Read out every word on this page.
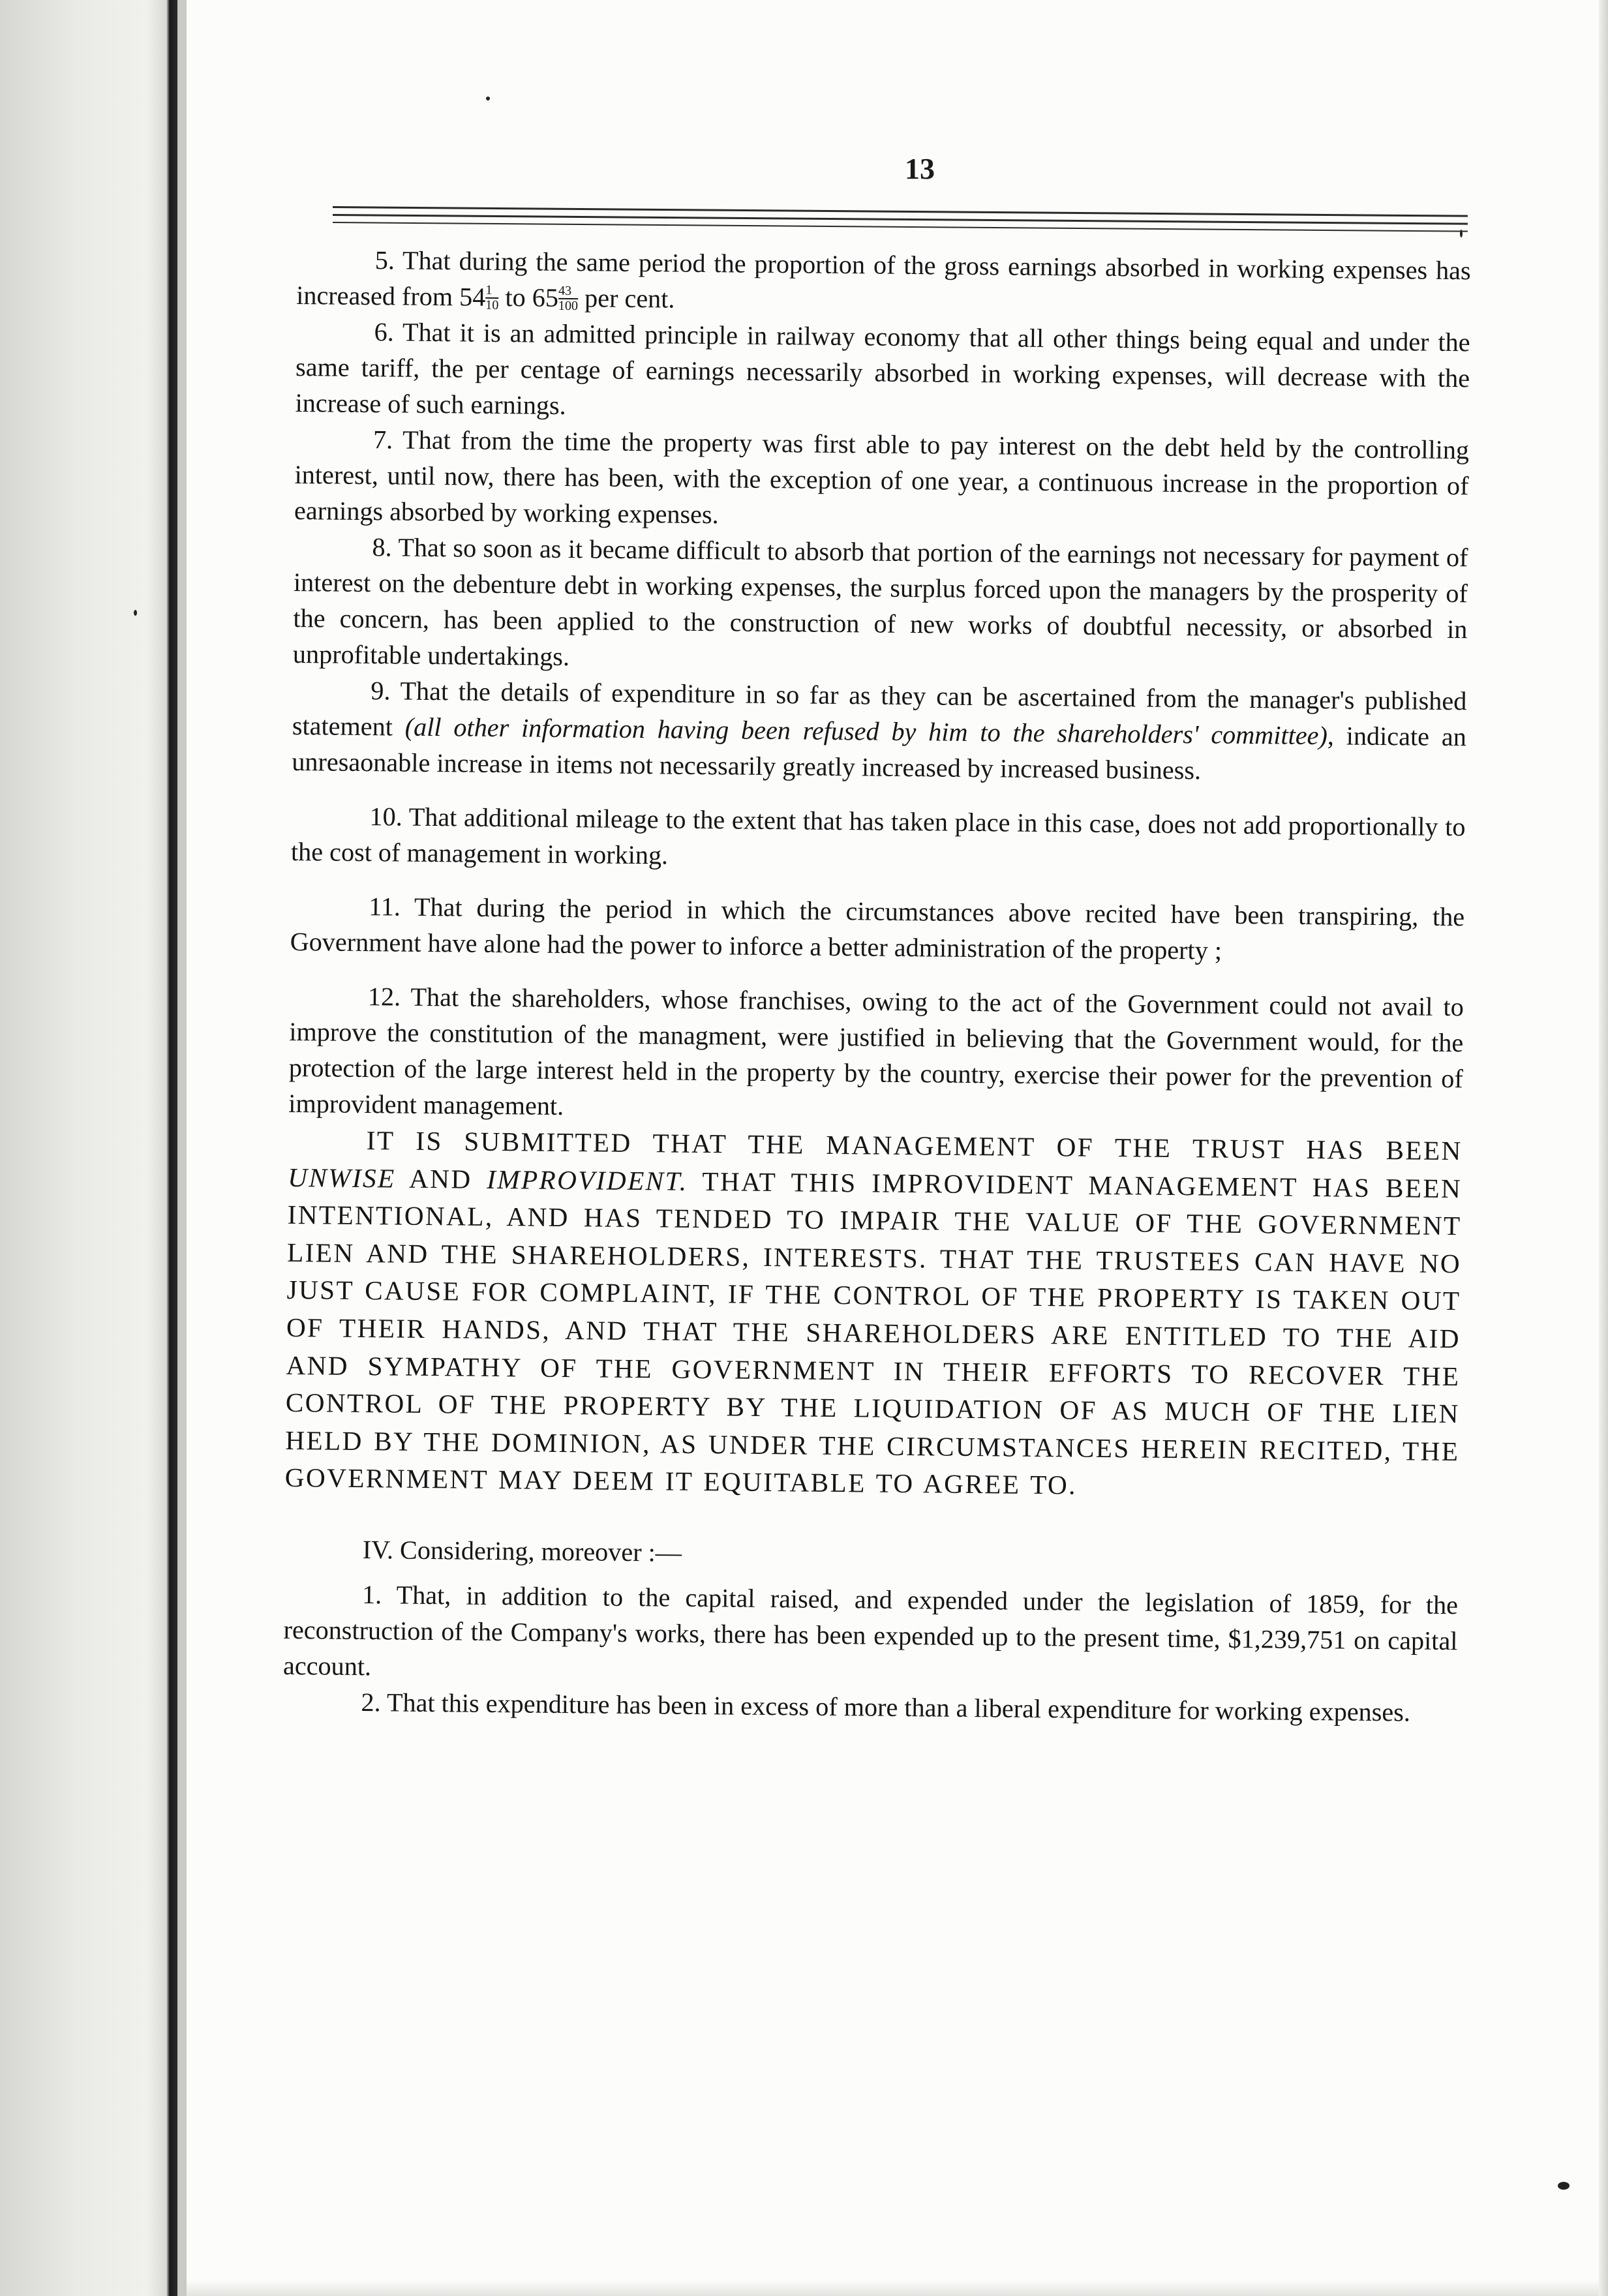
13

5. That during the same period the proportion of the gross earnings absorbed in working expenses has increased from $54 \frac{1}{10}$ to $65 \frac{43}{100}$ per cent.

6. That it is an admitted principle in railway economy that all other things being equal and under the same tariff, the per centage of earnings necessarily absorbed in working expenses, will decrease with the increase of such earnings.

7. That from the time the property was first able to pay interest on the debt held by the controlling interest, until now, there has been, with the exception of one year, a continuous increase in the proportion of earnings absorbed by working expenses.

8. That so soon as it became difficult to absorb that portion of the earnings not necessary for payment of interest on the debenture debt in working expenses, the surplus forced upon the managers by the prosperity of the concern, has been applied to the construction of new works of doubtful necessity, or absorbed in unprofitable undertakings.

9. That the details of expenditure in so far as they can be ascertained from the manager's published statement (all other information having been refused by him to the shareholders' committee), indicate an unresaonable increase in items not necessarily greatly increased by increased business.

10. That additional mileage to the extent that has taken place in this case, does not add proportionally to the cost of management in working.

11. That during the period in which the circumstances above recited have been transpiring, the Government have alone had the power to inforce a better administration of the property ;

12. That the shareholders, whose franchises, owing to the act of the Government could not avail to improve the constitution of the managment, were justified in believing that the Government would, for the protection of the large interest held in the property by the country, exercise their power for the prevention of improvident management.

IT IS SUBMITTED THAT THE MANAGEMENT OF THE TRUST HAS BEEN UNWISE AND IMPROVIDENT. THAT THIS IMPROVIDENT MANAGEMENT HAS BEEN INTENTIONAL, AND HAS TENDED TO IMPAIR THE VALUE OF THE GOVERNMENT LIEN AND THE SHAREHOLDERS, INTERESTS. THAT THE TRUSTEES CAN HAVE NO JUST CAUSE FOR COMPLAINT, IF THE CONTROL OF THE PROPERTY IS TAKEN OUT OF THEIR HANDS, AND THAT THE SHAREHOLDERS ARE ENTITLED TO THE AID AND SYMPATHY OF THE GOVERNMENT IN THEIR EFFORTS TO RECOVER THE CONTROL OF THE PROPERTY BY THE LIQUIDATION OF AS MUCH OF THE LIEN HELD BY THE DOMINION, AS UNDER THE CIRCUMSTANCES HEREIN RECITED, THE GOVERNMENT MAY DEEM IT EQUITABLE TO AGREE TO.

IV. Considering, moreover :—

1. That, in addition to the capital raised, and expended under the legislation of 1859, for the reconstruction of the Company's works, there has been expended up to the present time, $1,239,751 on capital account.

2. That this expenditure has been in excess of more than a liberal expenditure for working expenses.
